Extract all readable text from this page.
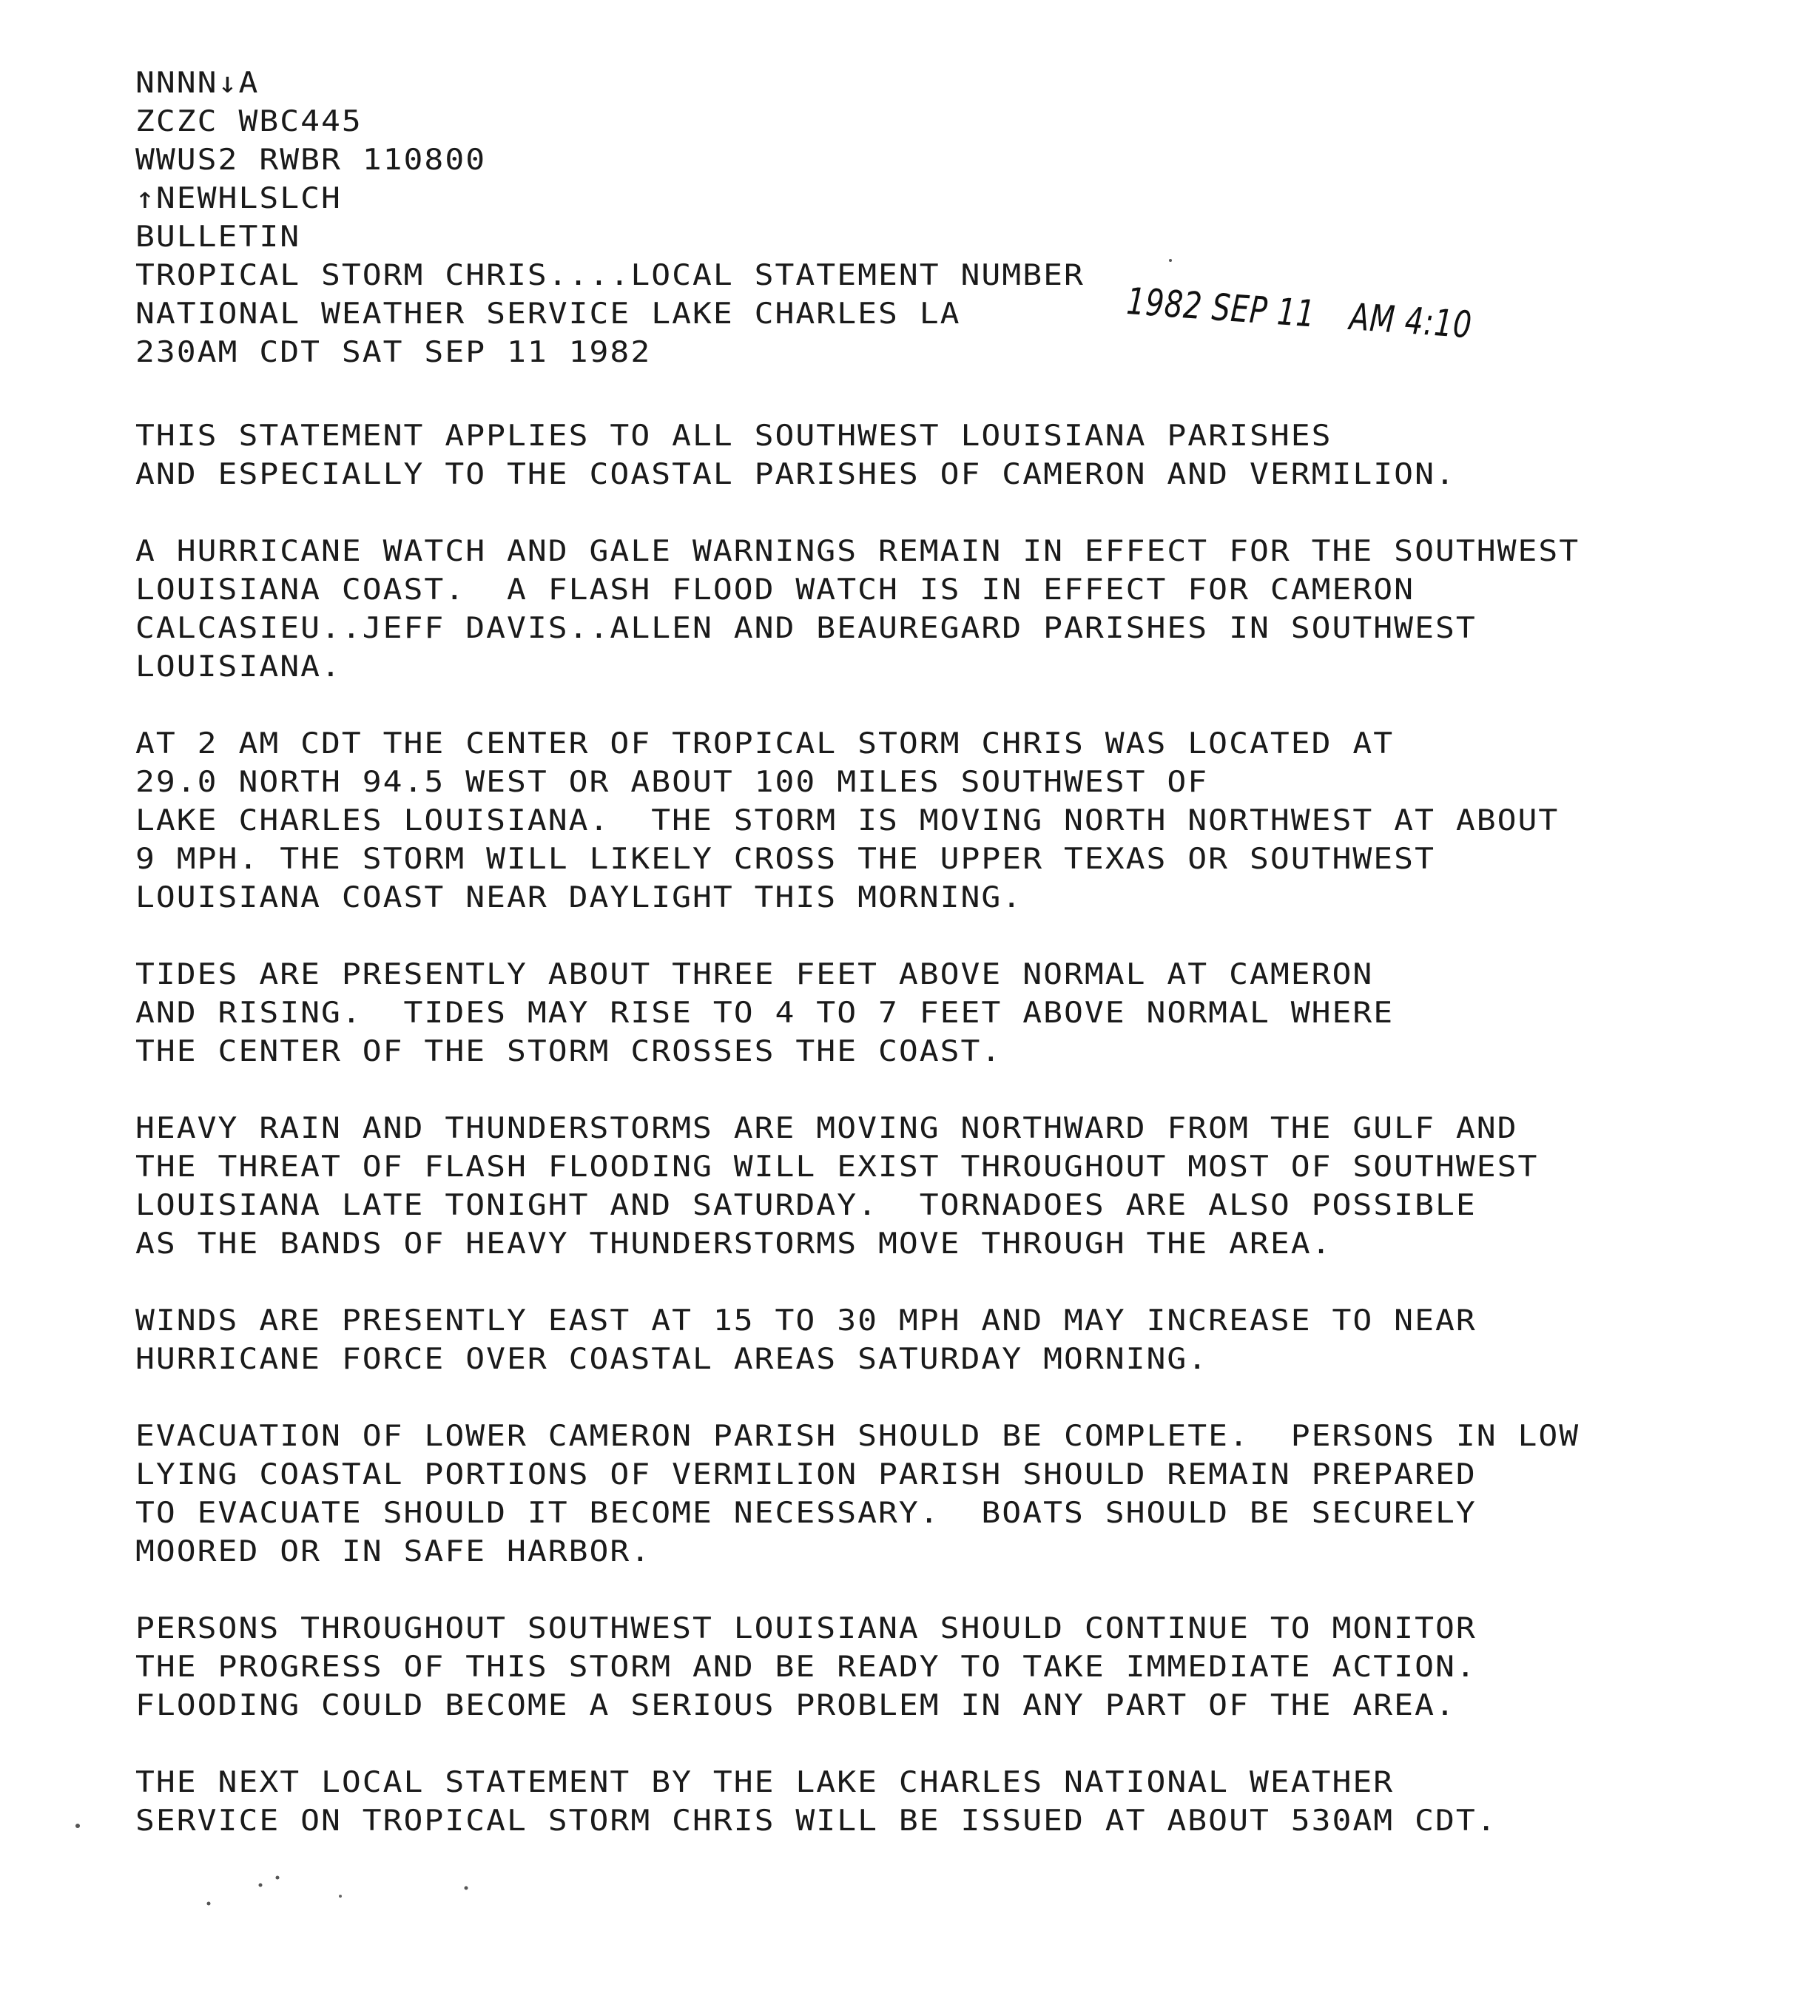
NNNN↓A
ZCZC WBC445
WWUS2 RWBR 110800
↑NEWHLSLCH
BULLETIN
TROPICAL STORM CHRIS....LOCAL STATEMENT NUMBER
NATIONAL WEATHER SERVICE LAKE CHARLES LA
230AM CDT SAT SEP 11 1982
1982 SEP 11 AM 4:10
THIS STATEMENT APPLIES TO ALL SOUTHWEST LOUISIANA PARISHES
AND ESPECIALLY TO THE COASTAL PARISHES OF CAMERON AND VERMILION.
A HURRICANE WATCH AND GALE WARNINGS REMAIN IN EFFECT FOR THE SOUTHWEST
LOUISIANA COAST.  A FLASH FLOOD WATCH IS IN EFFECT FOR CAMERON
CALCASIEU..JEFF DAVIS..ALLEN AND BEAUREGARD PARISHES IN SOUTHWEST
LOUISIANA.
AT 2 AM CDT THE CENTER OF TROPICAL STORM CHRIS WAS LOCATED AT
29.0 NORTH 94.5 WEST OR ABOUT 100 MILES SOUTHWEST OF
LAKE CHARLES LOUISIANA.  THE STORM IS MOVING NORTH NORTHWEST AT ABOUT
9 MPH. THE STORM WILL LIKELY CROSS THE UPPER TEXAS OR SOUTHWEST
LOUISIANA COAST NEAR DAYLIGHT THIS MORNING.
TIDES ARE PRESENTLY ABOUT THREE FEET ABOVE NORMAL AT CAMERON
AND RISING.  TIDES MAY RISE TO 4 TO 7 FEET ABOVE NORMAL WHERE
THE CENTER OF THE STORM CROSSES THE COAST.
HEAVY RAIN AND THUNDERSTORMS ARE MOVING NORTHWARD FROM THE GULF AND
THE THREAT OF FLASH FLOODING WILL EXIST THROUGHOUT MOST OF SOUTHWEST
LOUISIANA LATE TONIGHT AND SATURDAY.  TORNADOES ARE ALSO POSSIBLE
AS THE BANDS OF HEAVY THUNDERSTORMS MOVE THROUGH THE AREA.
WINDS ARE PRESENTLY EAST AT 15 TO 30 MPH AND MAY INCREASE TO NEAR
HURRICANE FORCE OVER COASTAL AREAS SATURDAY MORNING.
EVACUATION OF LOWER CAMERON PARISH SHOULD BE COMPLETE.  PERSONS IN LOW
LYING COASTAL PORTIONS OF VERMILION PARISH SHOULD REMAIN PREPARED
TO EVACUATE SHOULD IT BECOME NECESSARY.  BOATS SHOULD BE SECURELY
MOORED OR IN SAFE HARBOR.
PERSONS THROUGHOUT SOUTHWEST LOUISIANA SHOULD CONTINUE TO MONITOR
THE PROGRESS OF THIS STORM AND BE READY TO TAKE IMMEDIATE ACTION.
FLOODING COULD BECOME A SERIOUS PROBLEM IN ANY PART OF THE AREA.
THE NEXT LOCAL STATEMENT BY THE LAKE CHARLES NATIONAL WEATHER
SERVICE ON TROPICAL STORM CHRIS WILL BE ISSUED AT ABOUT 530AM CDT.
